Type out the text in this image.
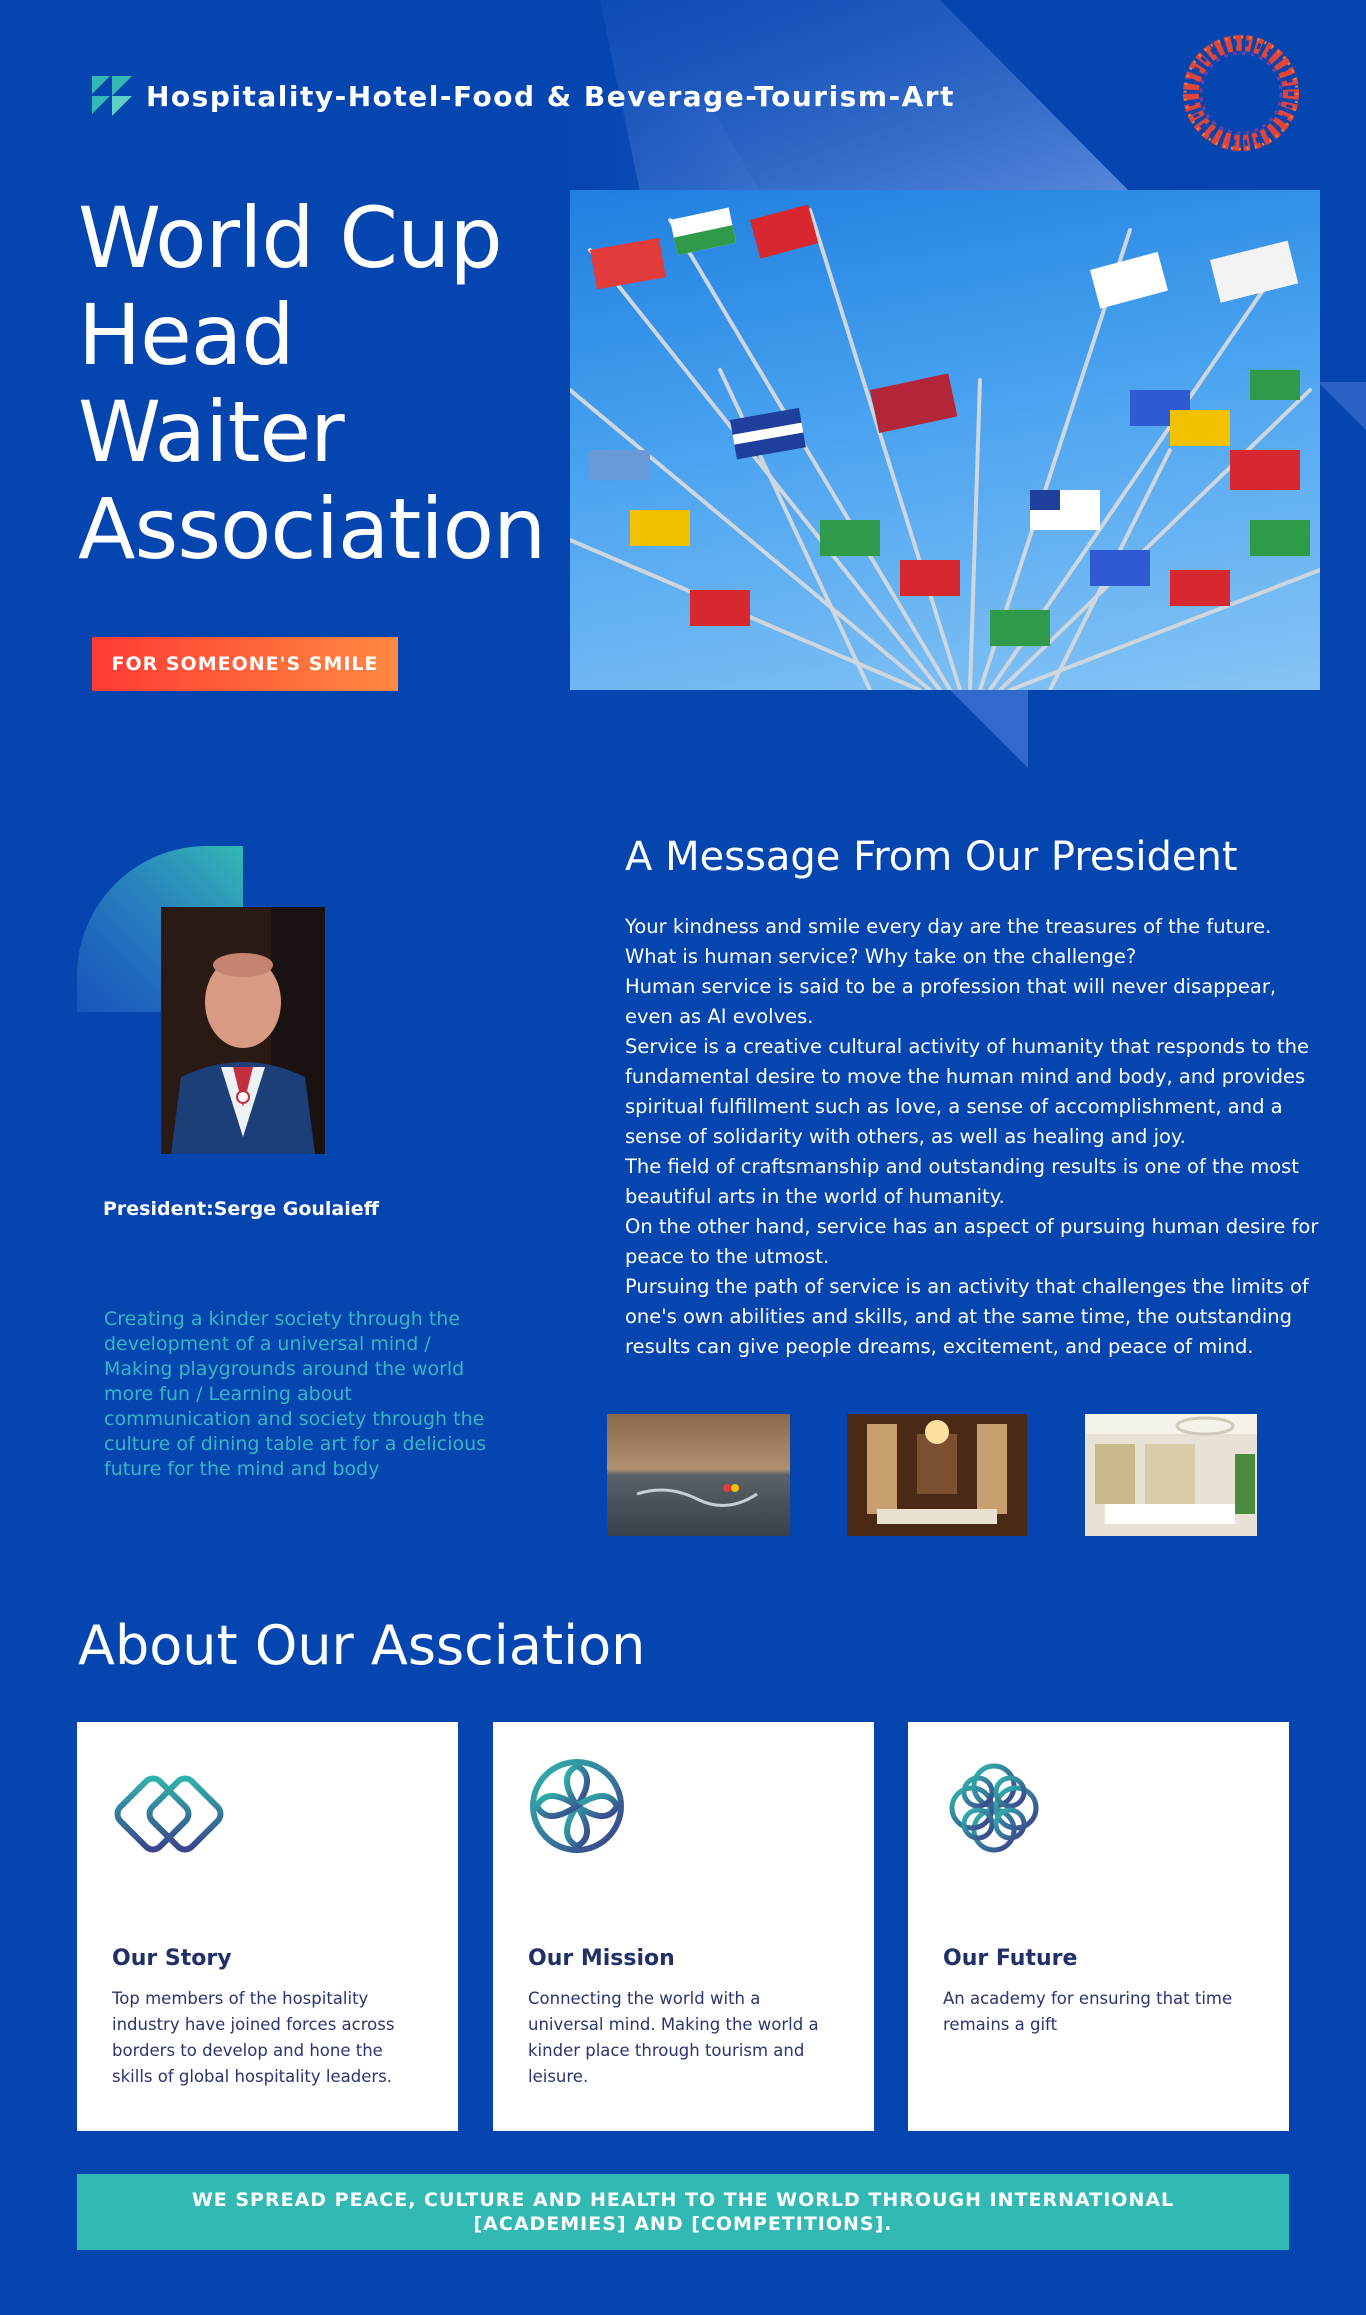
Hospitality-Hotel-Food & Beverage-Tourism-Art
World Cup
Head
Waiter
Association
FOR SOMEONE'S SMILE
President:Serge Goulaieff
Creating a kinder society through the development of a universal mind / Making playgrounds around the world more fun / Learning about communication and society through the culture of dining table art for a delicious future for the mind and body
A Message From Our President

Your kindness and smile every day are the treasures of the future.

What is human service? Why take on the challenge?

Human service is said to be a profession that will never disappear, even as AI evolves.

Service is a creative cultural activity of humanity that responds to the fundamental desire to move the human mind and body, and provides spiritual fulfillment such as love, a sense of accomplishment, and a sense of solidarity with others, as well as healing and joy.

The field of craftsmanship and outstanding results is one of the most beautiful arts in the world of humanity.

On the other hand, service has an aspect of pursuing human desire for peace to the utmost.

Pursuing the path of service is an activity that challenges the limits of one's own abilities and skills, and at the same time, the outstanding results can give people dreams, excitement, and peace of mind.

About Our Assciation
Our Story
Top members of the hospitality industry have joined forces across borders to develop and hone the skills of global hospitality leaders.
Our Mission
Connecting the world with a universal mind. Making the world a kinder place through tourism and leisure.
Our Future
An academy for ensuring that time remains a gift
WE SPREAD PEACE, CULTURE AND HEALTH TO THE WORLD THROUGH INTERNATIONAL
[ACADEMIES] AND [COMPETITIONS].
